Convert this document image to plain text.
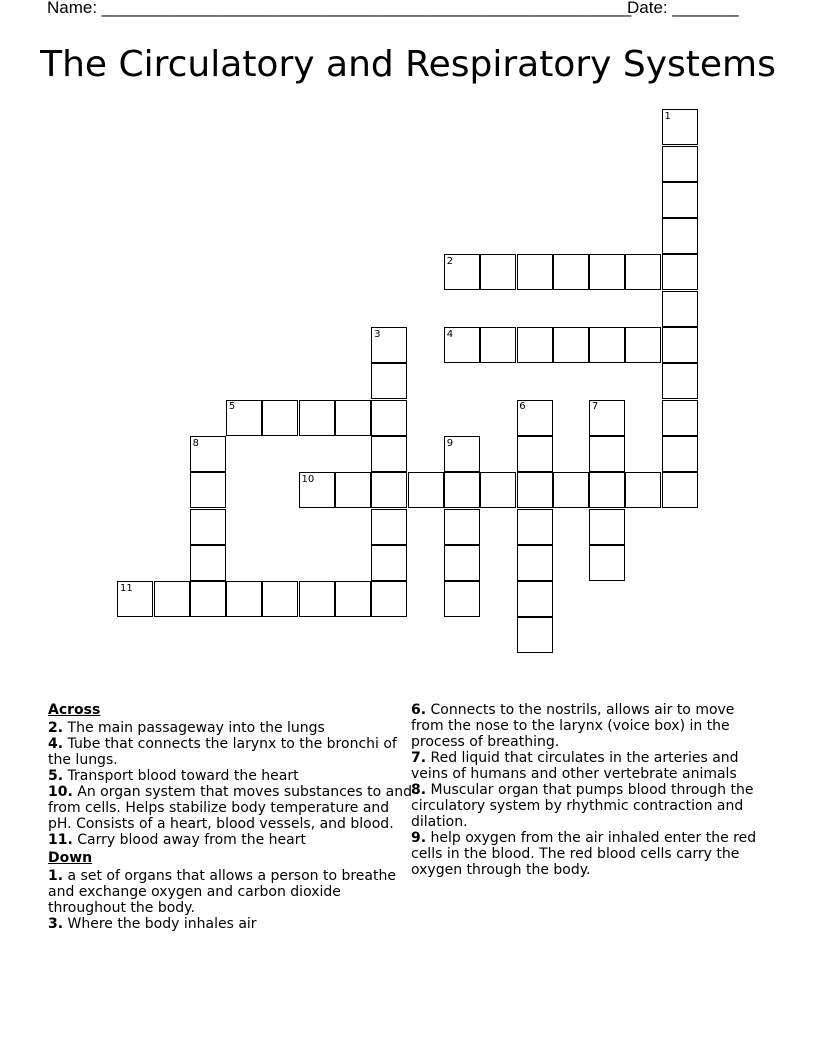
Name: ________________________________________________________
Date: _______
The Circulatory and Respiratory Systems
1
2
3	4
5	6	7
8	9
10
11
Across
2. The main passageway into the lungs
4. Tube that connects the larynx to the bronchi of the lungs.
5. Transport blood toward the heart
10. An organ system that moves substances to and from cells. Helps stabilize body temperature and pH. Consists of a heart, blood vessels, and blood.
11. Carry blood away from the heart
Down
1. a set of organs that allows a person to breathe and exchange oxygen and carbon dioxide throughout the body.
3. Where the body inhales air
6. Connects to the nostrils, allows air to move from the nose to the larynx (voice box) in the process of breathing.
7. Red liquid that circulates in the arteries and veins of humans and other vertebrate animals
8. Muscular organ that pumps blood through the circulatory system by rhythmic contraction and dilation.
9. help oxygen from the air inhaled enter the red cells in the blood. The red blood cells carry the oxygen through the body.
